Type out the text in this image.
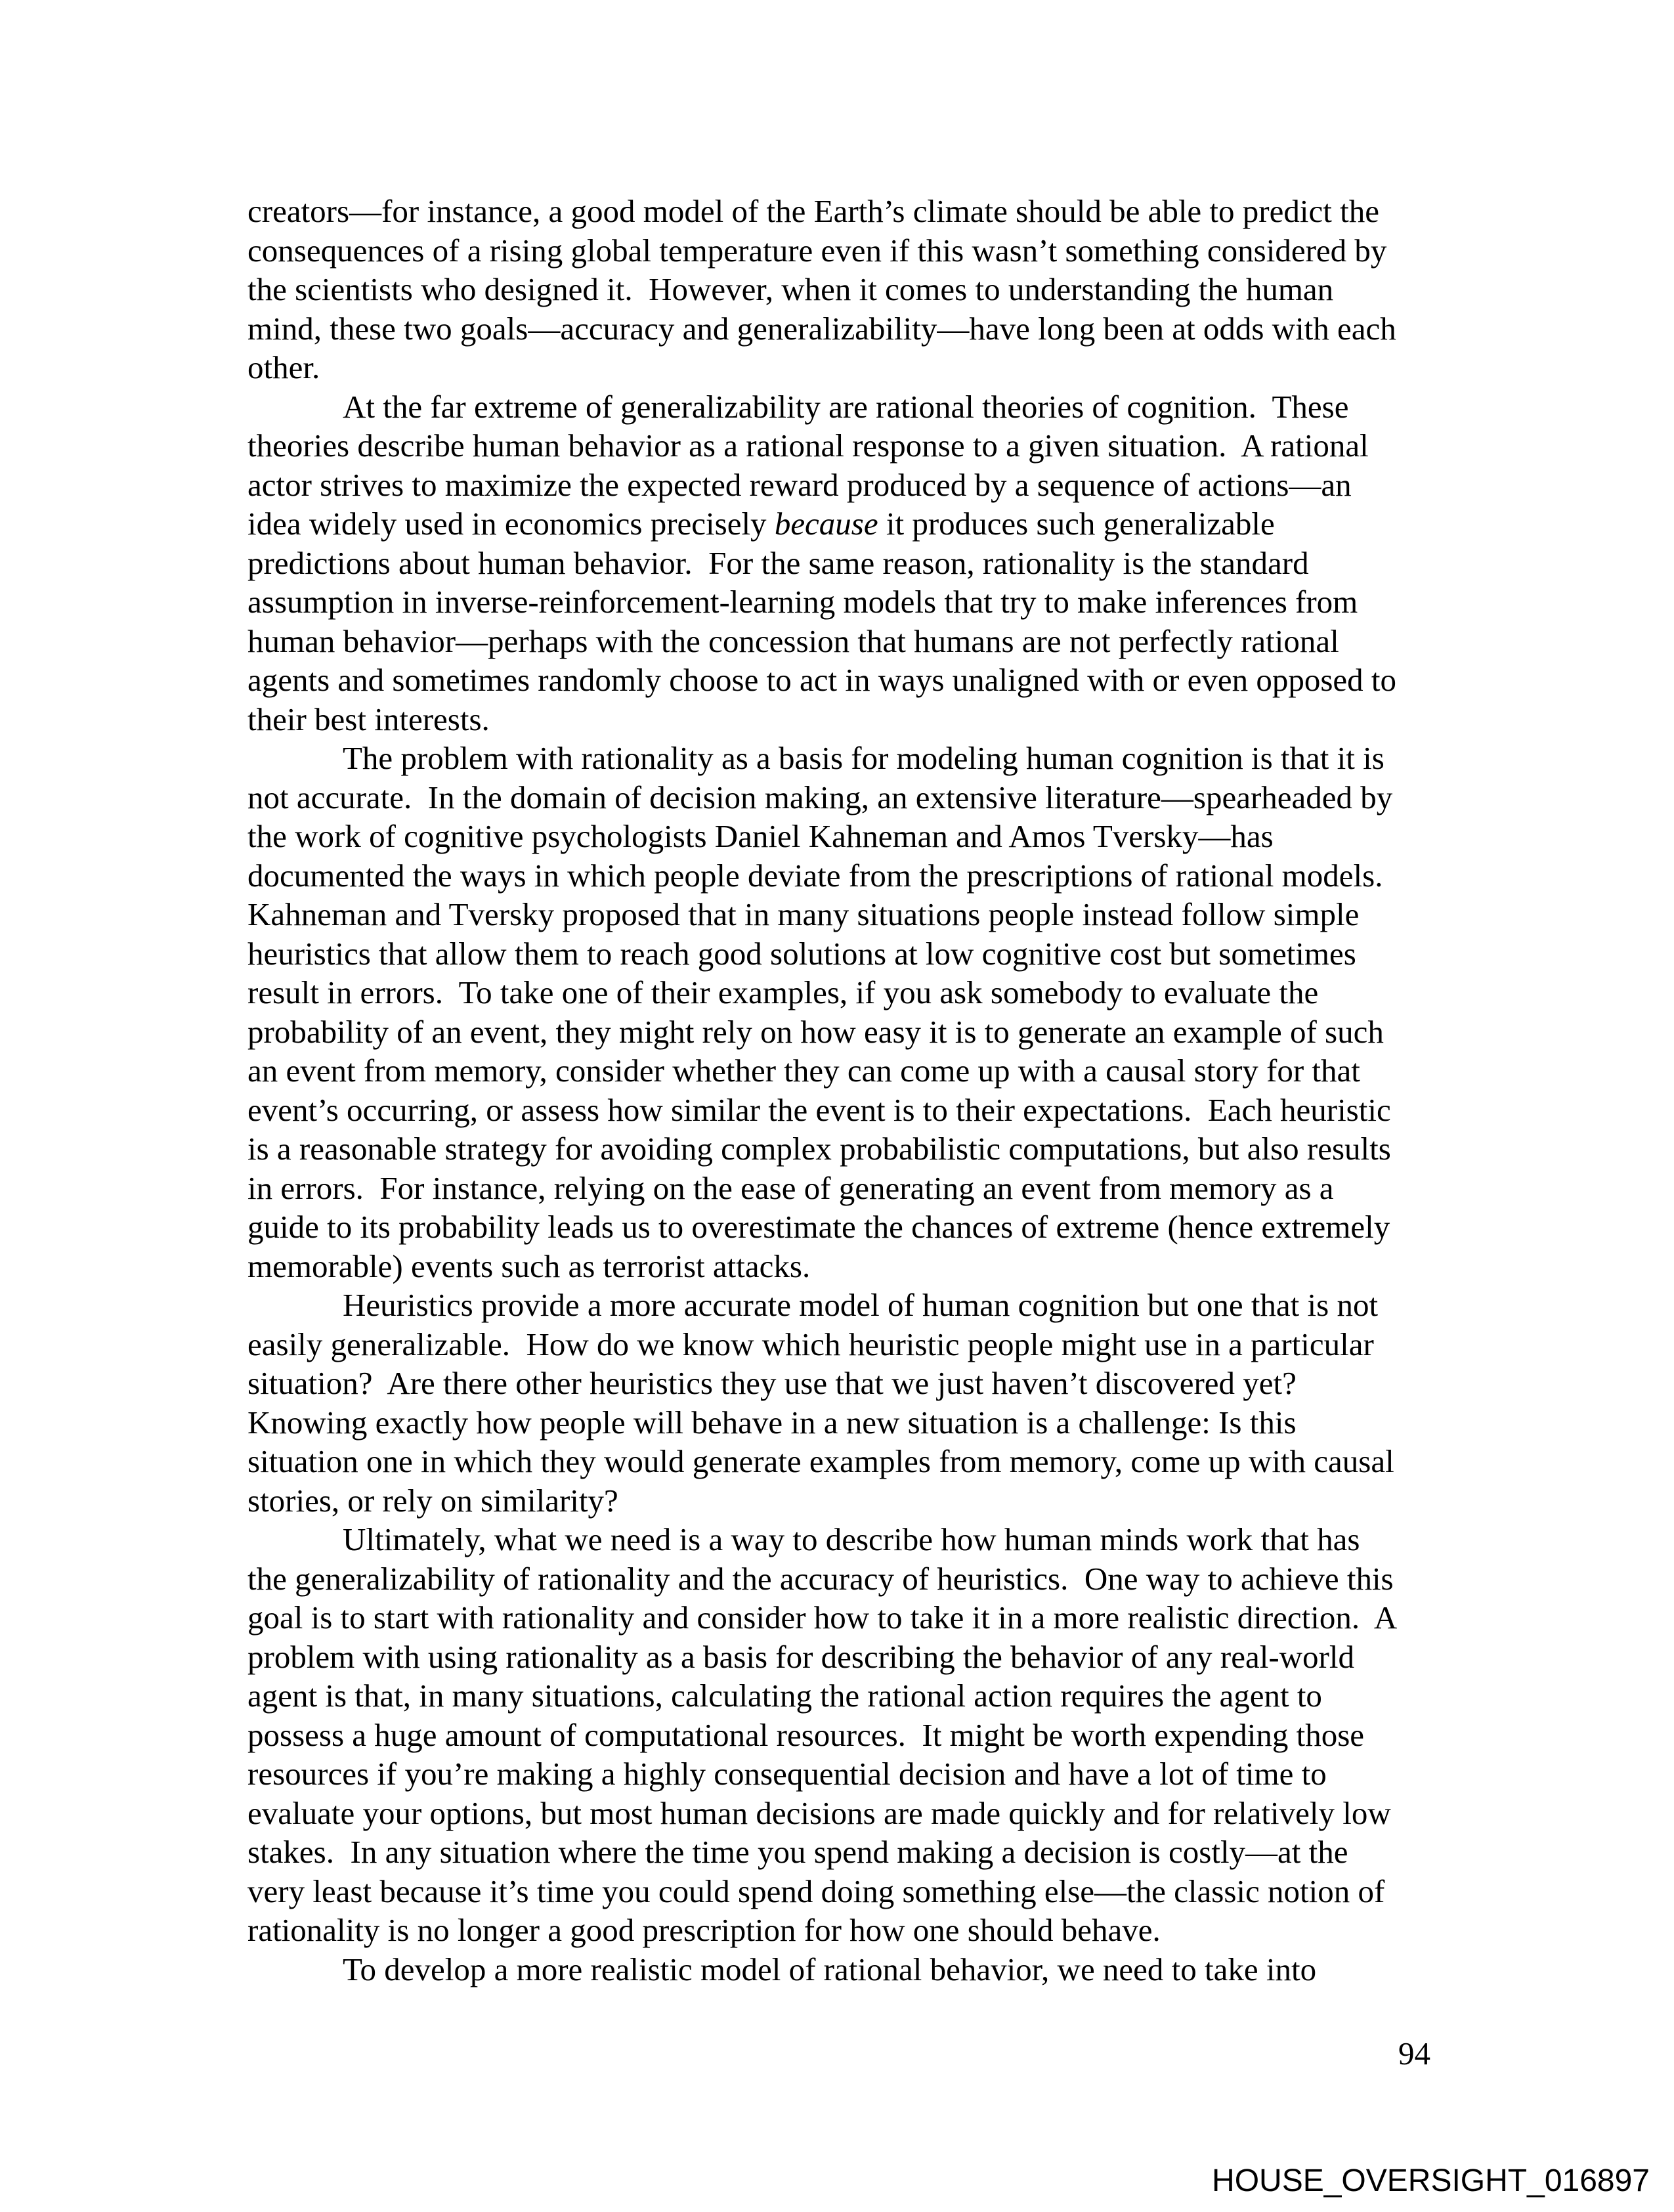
creators—for instance, a good model of the Earth’s climate should be able to predict the
consequences of a rising global temperature even if this wasn’t something considered by
the scientists who designed it.  However, when it comes to understanding the human
mind, these two goals—accuracy and generalizability—have long been at odds with each
other.
At the far extreme of generalizability are rational theories of cognition.  These
theories describe human behavior as a rational response to a given situation.  A rational
actor strives to maximize the expected reward produced by a sequence of actions—an
idea widely used in economics precisely because it produces such generalizable
predictions about human behavior.  For the same reason, rationality is the standard
assumption in inverse-reinforcement-learning models that try to make inferences from
human behavior—perhaps with the concession that humans are not perfectly rational
agents and sometimes randomly choose to act in ways unaligned with or even opposed to
their best interests.
The problem with rationality as a basis for modeling human cognition is that it is
not accurate.  In the domain of decision making, an extensive literature—spearheaded by
the work of cognitive psychologists Daniel Kahneman and Amos Tversky—has
documented the ways in which people deviate from the prescriptions of rational models.
Kahneman and Tversky proposed that in many situations people instead follow simple
heuristics that allow them to reach good solutions at low cognitive cost but sometimes
result in errors.  To take one of their examples, if you ask somebody to evaluate the
probability of an event, they might rely on how easy it is to generate an example of such
an event from memory, consider whether they can come up with a causal story for that
event’s occurring, or assess how similar the event is to their expectations.  Each heuristic
is a reasonable strategy for avoiding complex probabilistic computations, but also results
in errors.  For instance, relying on the ease of generating an event from memory as a
guide to its probability leads us to overestimate the chances of extreme (hence extremely
memorable) events such as terrorist attacks.
Heuristics provide a more accurate model of human cognition but one that is not
easily generalizable.  How do we know which heuristic people might use in a particular
situation?  Are there other heuristics they use that we just haven’t discovered yet?
Knowing exactly how people will behave in a new situation is a challenge: Is this
situation one in which they would generate examples from memory, come up with causal
stories, or rely on similarity?
Ultimately, what we need is a way to describe how human minds work that has
the generalizability of rationality and the accuracy of heuristics.  One way to achieve this
goal is to start with rationality and consider how to take it in a more realistic direction.  A
problem with using rationality as a basis for describing the behavior of any real-world
agent is that, in many situations, calculating the rational action requires the agent to
possess a huge amount of computational resources.  It might be worth expending those
resources if you’re making a highly consequential decision and have a lot of time to
evaluate your options, but most human decisions are made quickly and for relatively low
stakes.  In any situation where the time you spend making a decision is costly—at the
very least because it’s time you could spend doing something else—the classic notion of
rationality is no longer a good prescription for how one should behave.
To develop a more realistic model of rational behavior, we need to take into
94
HOUSE_OVERSIGHT_016897
